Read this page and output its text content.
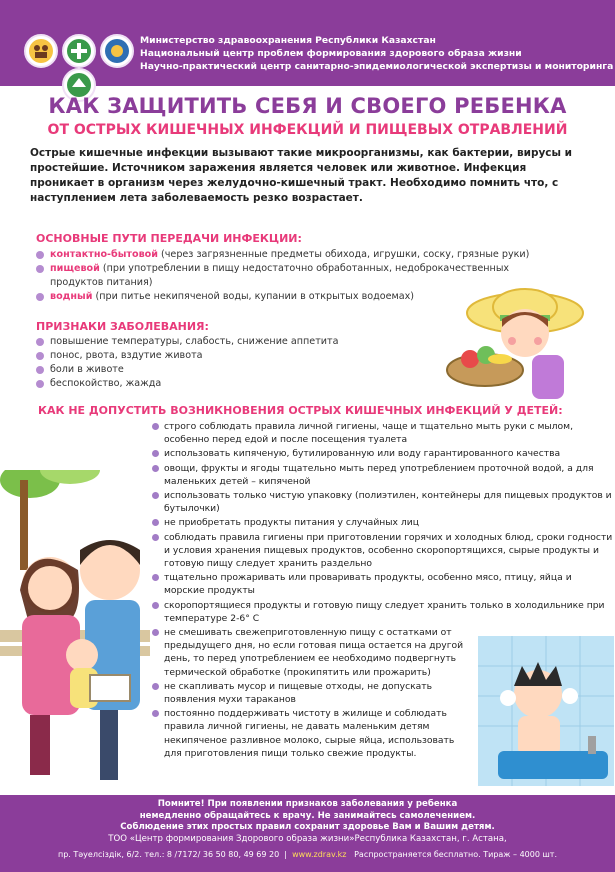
Министерство здравоохранения Республики Казахстан
Национальный центр проблем формирования здорового образа жизни
Научно-практический центр санитарно-эпидемиологической экспертизы и мониторинга
КАК ЗАЩИТИТЬ СЕБЯ И СВОЕГО РЕБЕНКА
ОТ ОСТРЫХ КИШЕЧНЫХ ИНФЕКЦИЙ И ПИЩЕВЫХ ОТРАВЛЕНИЙ
Острые кишечные инфекции вызывают такие микроорганизмы, как бактерии, вирусы и простейшие. Источником заражения является человек или животное. Инфекция проникает в организм через желудочно-кишечный тракт. Необходимо помнить что, с наступлением лета заболеваемость резко возрастает.
ОСНОВНЫЕ ПУТИ ПЕРЕДАЧИ ИНФЕКЦИИ:
контактно-бытовой (через загрязненные предметы обихода, игрушки, соску, грязные руки)
пищевой (при употреблении в пищу недостаточно обработанных, недоброкачественных продуктов питания)
водный (при питье некипяченой воды, купании в открытых водоемах)
ПРИЗНАКИ ЗАБОЛЕВАНИЯ:
повышение температуры, слабость, снижение аппетита
понос, рвота, вздутие живота
боли в животе
беспокойство, жажда
КАК НЕ ДОПУСТИТЬ ВОЗНИКНОВЕНИЯ ОСТРЫХ КИШЕЧНЫХ ИНФЕКЦИЙ У ДЕТЕЙ:
строго соблюдать правила личной гигиены, чаще и тщательно мыть руки с мылом, особенно перед едой и после посещения туалета
использовать кипяченую, бутилированную или воду гарантированного качества
овощи, фрукты и ягоды тщательно мыть перед употреблением проточной водой, а для маленьких детей – кипяченой
использовать только чистую упаковку (полиэтилен, контейнеры для пищевых продуктов и бутылочки)
не приобретать продукты питания у случайных лиц
соблюдать правила гигиены при приготовлении горячих и холодных блюд, сроки годности и условия хранения пищевых продуктов, особенно скоропортящихся, сырые продукты и готовую пищу следует хранить раздельно
тщательно прожаривать или проваривать продукты, особенно мясо, птицу, яйца и морские продукты
скоропортящиеся продукты и готовую пищу следует хранить только в холодильнике при температуре 2-6° С
не смешивать свежеприготовленную пищу с остатками от предыдущего дня, но если готовая пища остается на другой день, то перед употреблением ее необходимо подвергнуть термической обработке (прокипятить или прожарить)
не скапливать мусор и пищевые отходы, не допускать появления мухи тараканов
постоянно поддерживать чистоту в жилище и соблюдать правила личной гигиены, не давать маленьким детям некипяченое разливное молоко, сырые яйца, использовать для приготовления пищи только свежие продукты.
Помните! При появлении признаков заболевания у ребенка
немедленно обращайтесь к врачу. Не занимайтесь самолечением.
Соблюдение этих простых правил сохранит здоровье Вам и Вашим детям.
ТОО «Центр формирования Здорового образа жизни»Республика Казахстан, г. Астана,
пр. Тәуелсіздік, 6/2. тел.: 8 /7172/ 36 50 80, 49 69 20  |  www.zdrav.kz Распространяется бесплатно. Тираж – 4000 шт.
